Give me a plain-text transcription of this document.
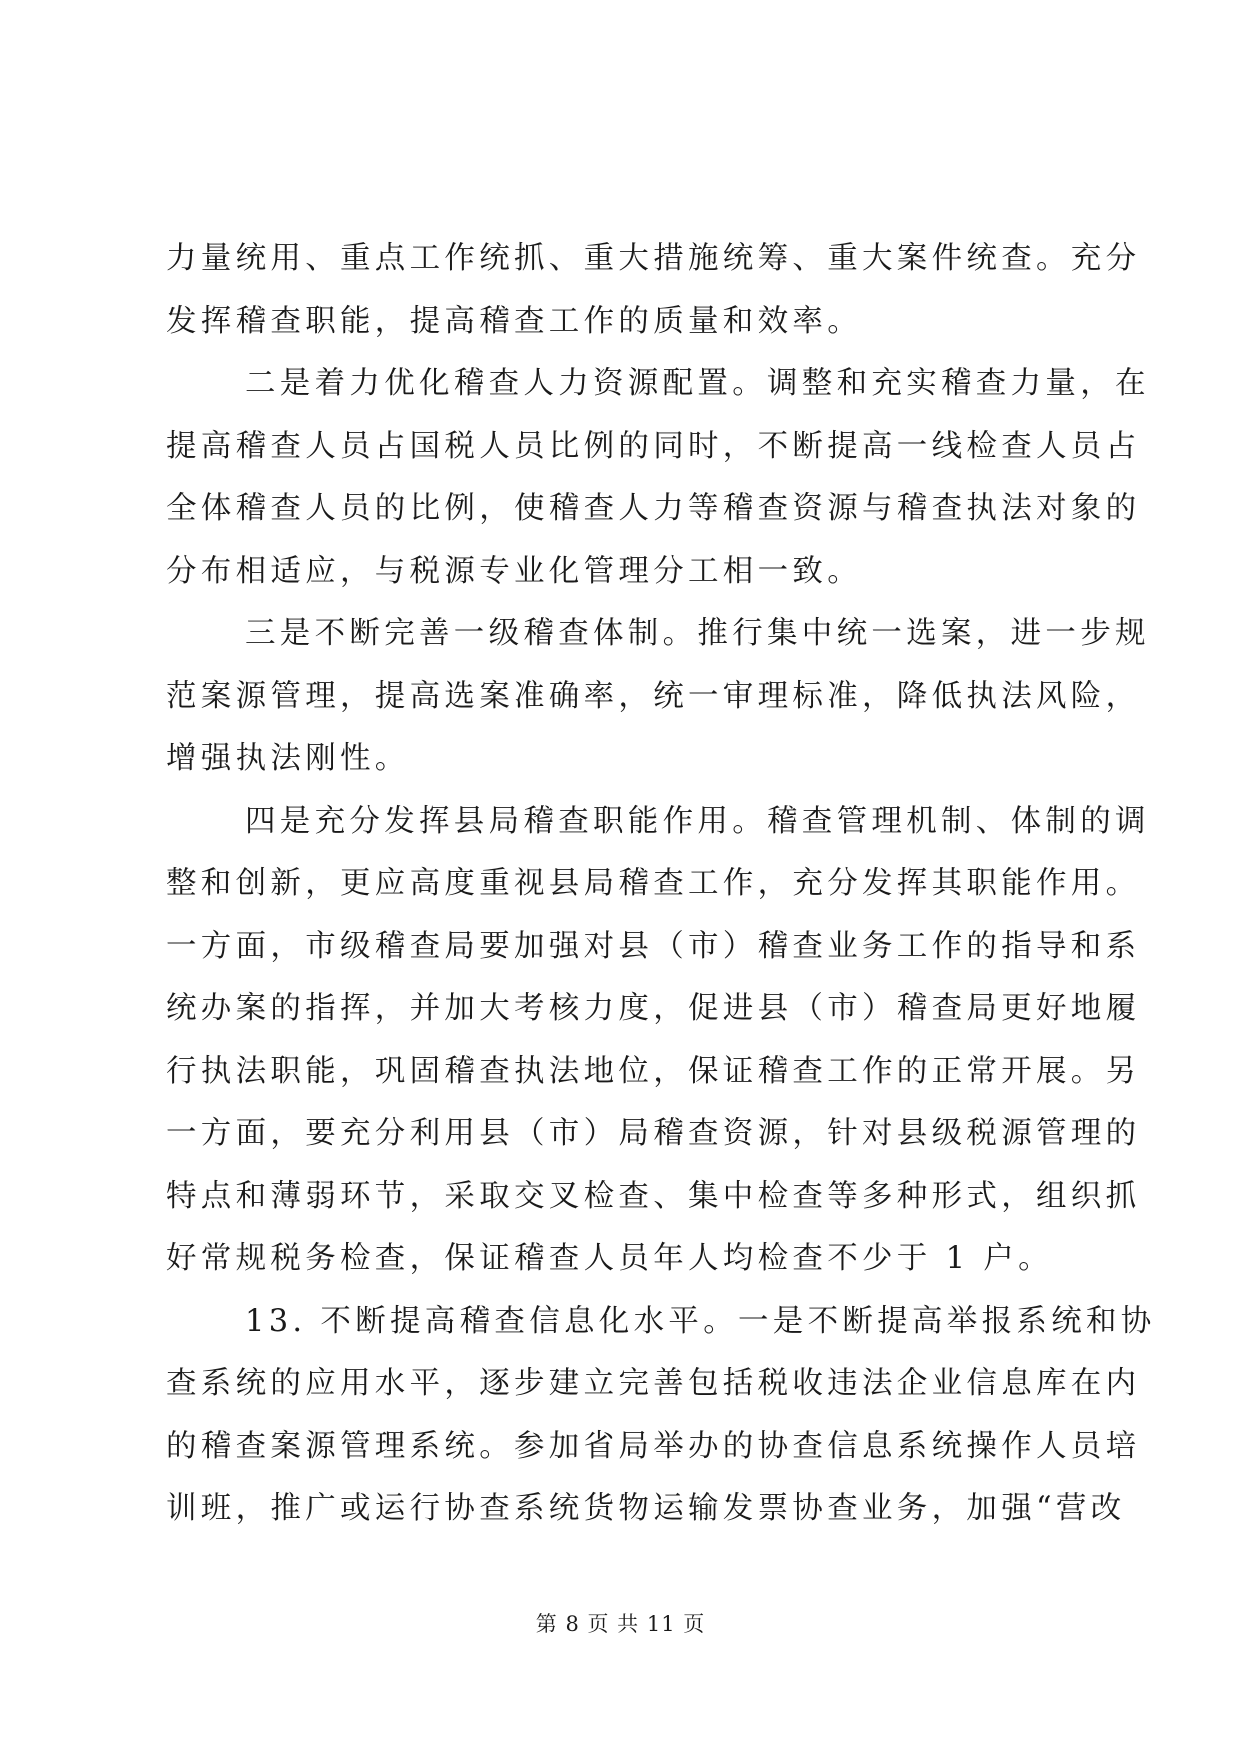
力量统用、重点工作统抓、重大措施统筹、重大案件统查。充分
发挥稽查职能，提高稽查工作的质量和效率。
二是着力优化稽查人力资源配置。调整和充实稽查力量，在
提高稽查人员占国税人员比例的同时，不断提高一线检查人员占
全体稽查人员的比例，使稽查人力等稽查资源与稽查执法对象的
分布相适应，与税源专业化管理分工相一致。
三是不断完善一级稽查体制。推行集中统一选案，进一步规
范案源管理，提高选案准确率，统一审理标准，降低执法风险，
增强执法刚性。
四是充分发挥县局稽查职能作用。稽查管理机制、体制的调
整和创新，更应高度重视县局稽查工作，充分发挥其职能作用。
一方面，市级稽查局要加强对县（市）稽查业务工作的指导和系
统办案的指挥，并加大考核力度，促进县（市）稽查局更好地履
行执法职能，巩固稽查执法地位，保证稽查工作的正常开展。另
一方面，要充分利用县（市）局稽查资源，针对县级税源管理的
特点和薄弱环节，采取交叉检查、集中检查等多种形式，组织抓
好常规税务检查，保证稽查人员年人均检查不少于 1 户。
13. 不断提高稽查信息化水平。一是不断提高举报系统和协
查系统的应用水平，逐步建立完善包括税收违法企业信息库在内
的稽查案源管理系统。参加省局举办的协查信息系统操作人员培
训班，推广或运行协查系统货物运输发票协查业务，加强“营改
第 8 页 共 11 页
